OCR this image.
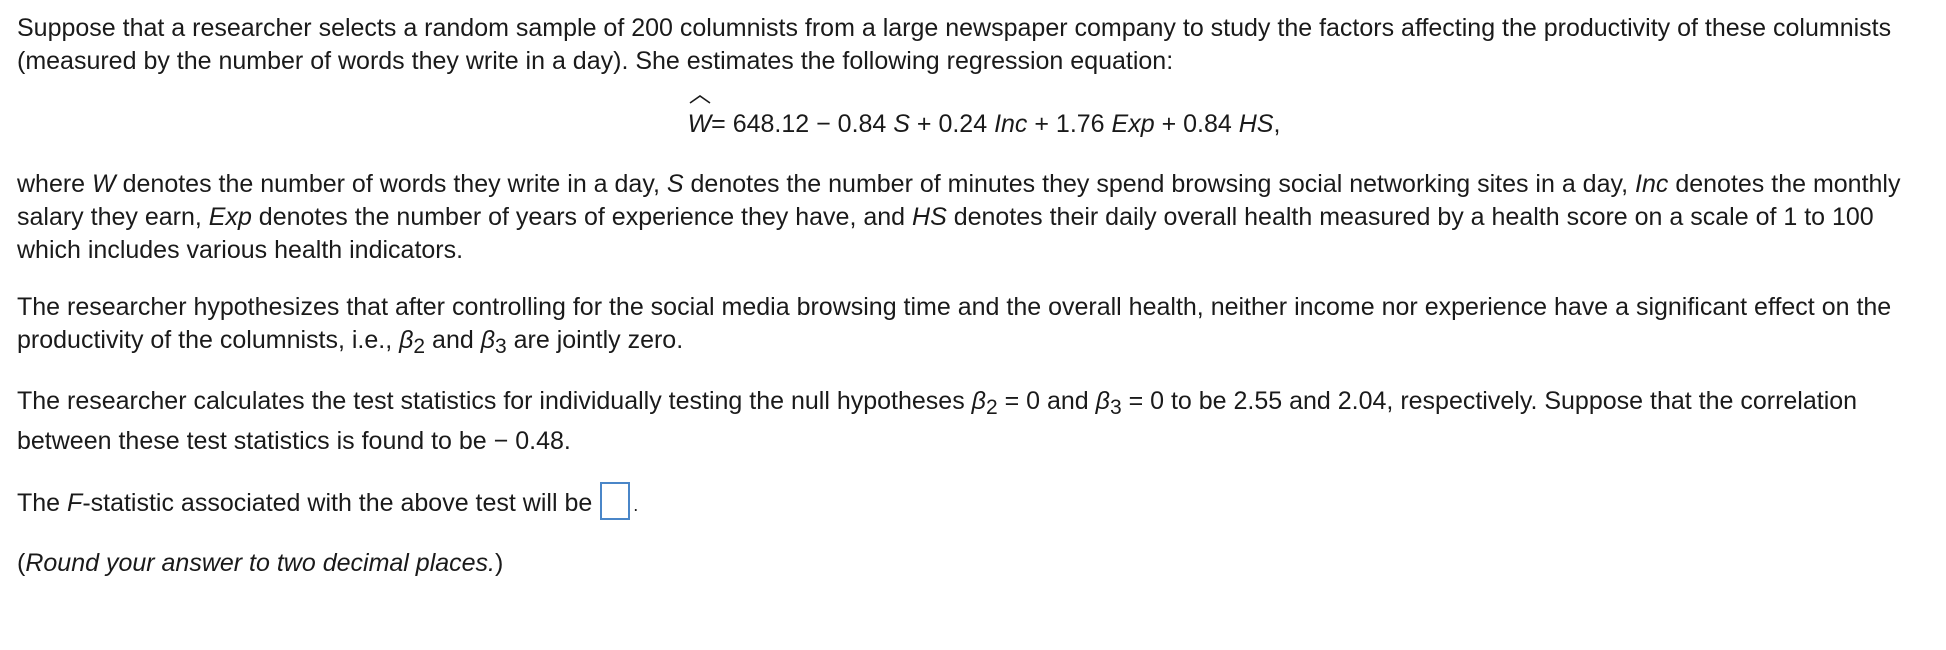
Suppose that a researcher selects a random sample of 200 columnists from a large newspaper company to study the factors affecting the productivity of these columnists (measured by the number of words they write in a day). She estimates the following regression equation:

W= 648.12 − 0.84 S + 0.24 Inc + 1.76 Exp + 0.84 HS,

where W denotes the number of words they write in a day, S denotes the number of minutes they spend browsing social networking sites in a day, Inc denotes the monthly salary they earn, Exp denotes the number of years of experience they have, and HS denotes their daily overall health measured by a health score on a scale of 1 to 100 which includes various health indicators.

The researcher hypothesizes that after controlling for the social media browsing time and the overall health, neither income nor experience have a significant effect on the productivity of the columnists, i.e., $\beta_2$ and $\beta_3$ are jointly zero.

The researcher calculates the test statistics for individually testing the null hypotheses $\beta_2 = 0$ and $\beta_3 = 0$ to be 2.55 and 2.04, respectively. Suppose that the correlation between these test statistics is found to be − 0.48.

The F-statistic associated with the above test will be .

(Round your answer to two decimal places.)
